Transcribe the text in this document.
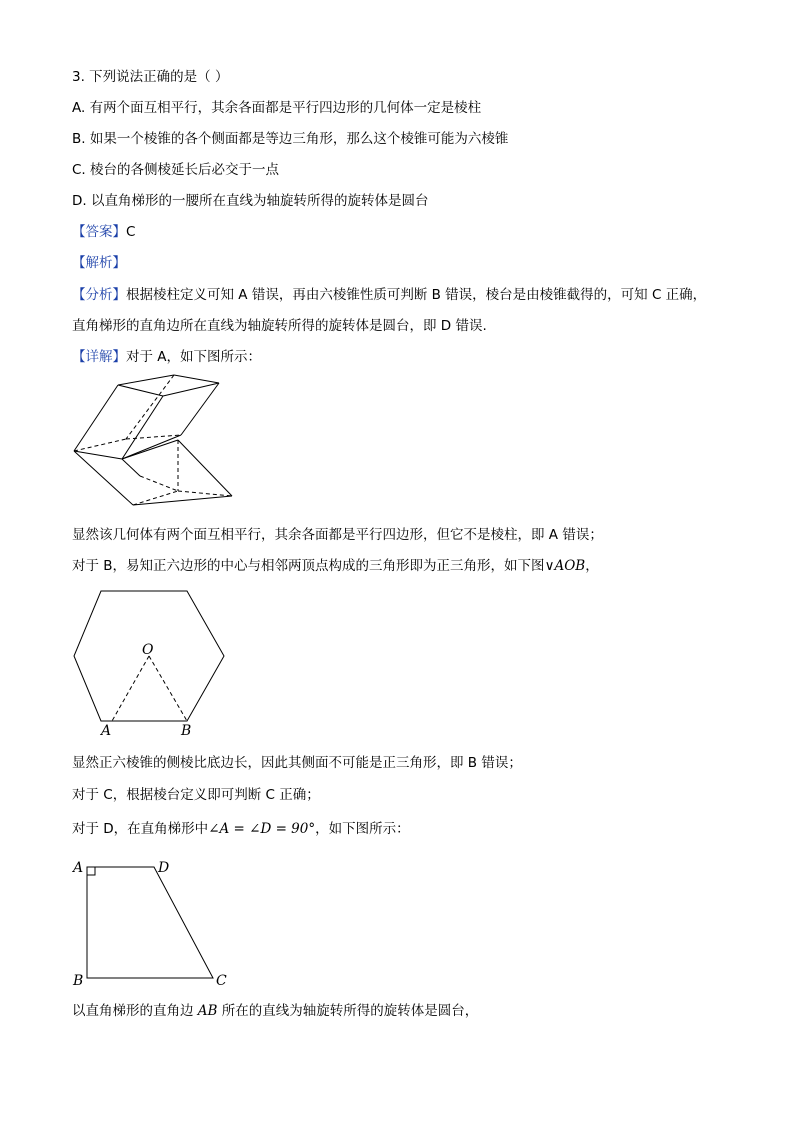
3. 下列说法正确的是（ ）
A. 有两个面互相平行，其余各面都是平行四边形的几何体一定是棱柱
B. 如果一个棱锥的各个侧面都是等边三角形，那么这个棱锥可能为六棱锥
C. 棱台的各侧棱延长后必交于一点
D. 以直角梯形的一腰所在直线为轴旋转所得的旋转体是圆台
【答案】C
【解析】
【分析】根据棱柱定义可知 A 错误，再由六棱锥性质可判断 B 错误，棱台是由棱锥截得的，可知 C 正确，
直角梯形的直角边所在直线为轴旋转所得的旋转体是圆台，即 D 错误.
【详解】对于 A，如下图所示：
显然该几何体有两个面互相平行，其余各面都是平行四边形，但它不是棱柱，即 A 错误；
对于 B，易知正六边形的中心与相邻两顶点构成的三角形即为正三角形，如下图∨AOB，
O
A	B
显然正六棱锥的侧棱比底边长，因此其侧面不可能是正三角形，即 B 错误；
对于 C，根据棱台定义即可判断 C 正确；
对于 D，在直角梯形中∠A = ∠D = 90°，如下图所示：
A	D
B	C
以直角梯形的直角边 AB 所在的直线为轴旋转所得的旋转体是圆台，
